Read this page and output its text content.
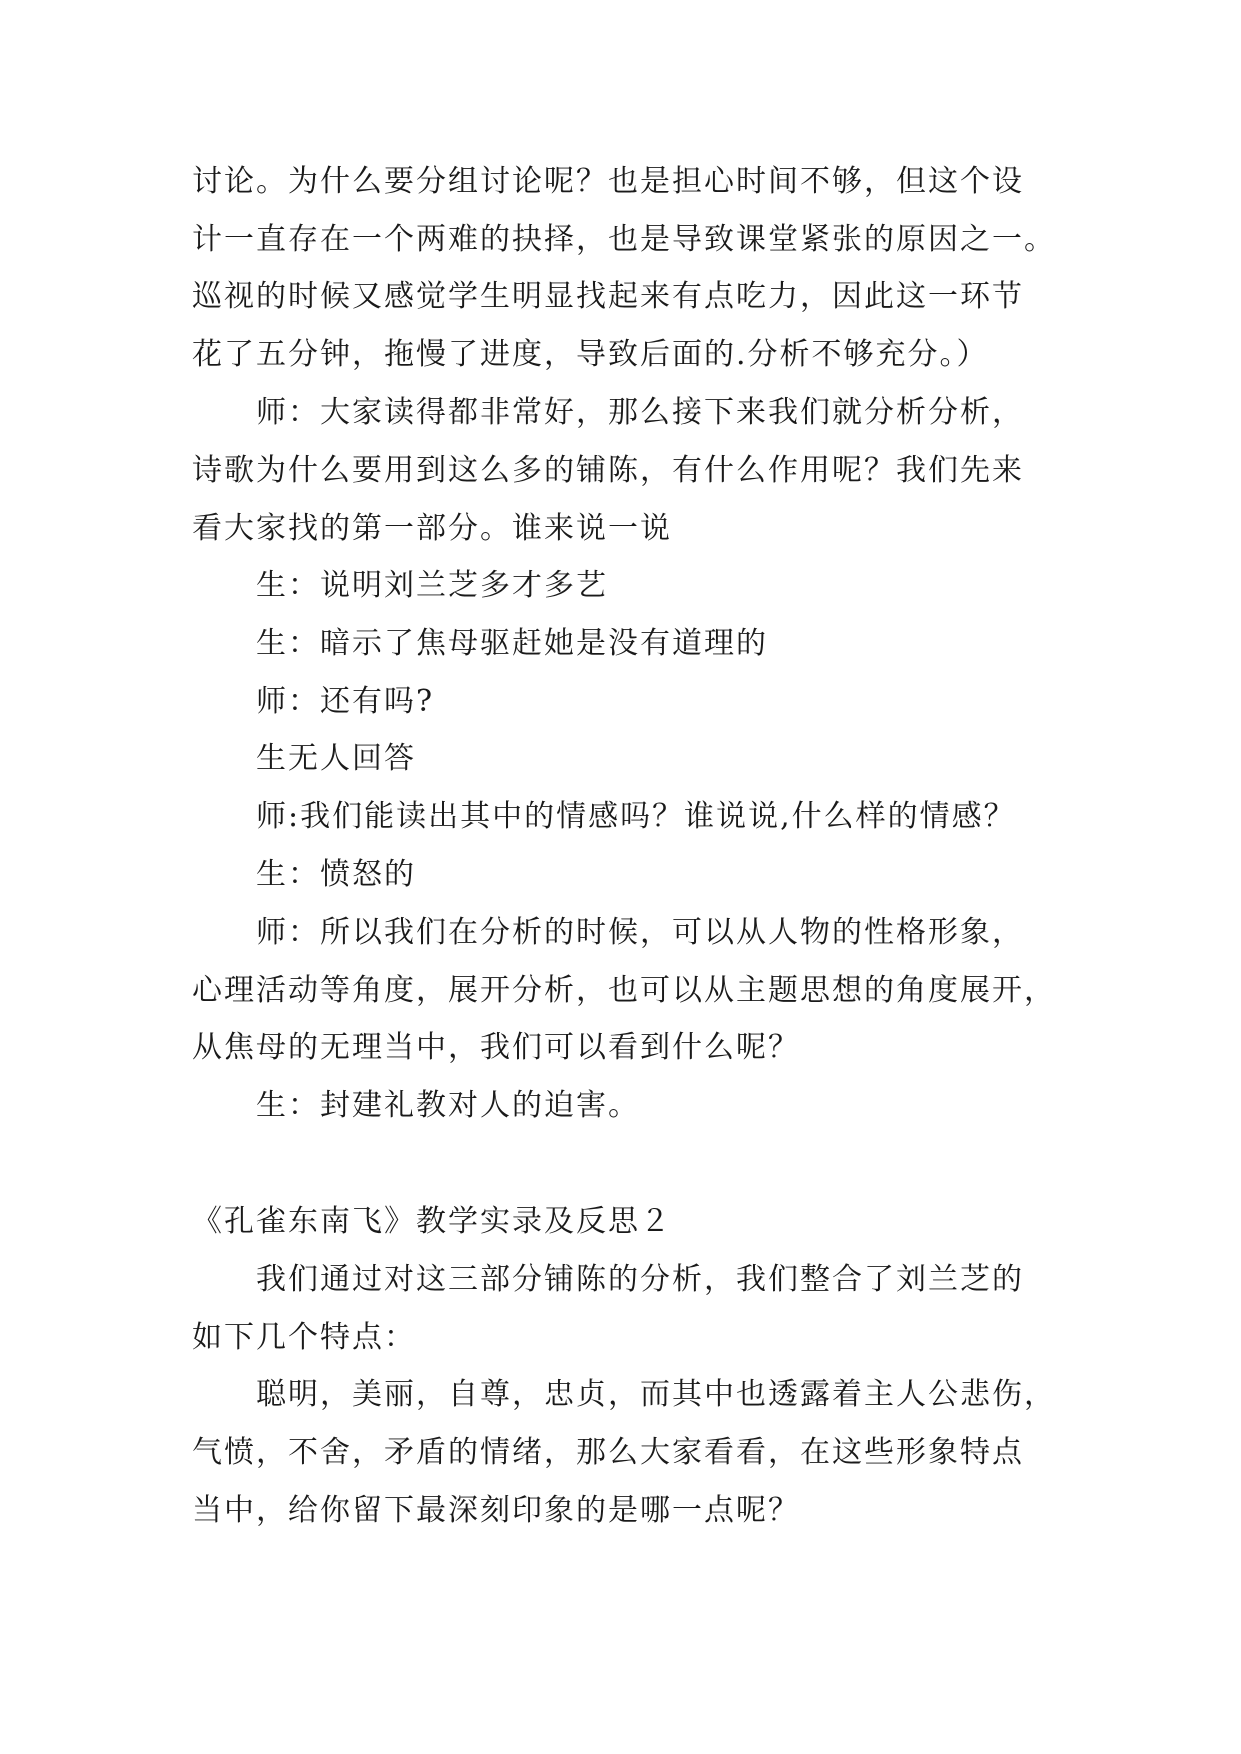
讨论。为什么要分组讨论呢？也是担心时间不够，但这个设
计一直存在一个两难的抉择，也是导致课堂紧张的原因之一。
巡视的时候又感觉学生明显找起来有点吃力，因此这一环节
花了五分钟，拖慢了进度，导致后面的.分析不够充分。）
师：大家读得都非常好，那么接下来我们就分析分析，
诗歌为什么要用到这么多的铺陈，有什么作用呢？我们先来
看大家找的第一部分。谁来说一说
生：说明刘兰芝多才多艺
生：暗示了焦母驱赶她是没有道理的
师：还有吗?
生无人回答
师:我们能读出其中的情感吗？谁说说,什么样的情感？
生：愤怒的
师：所以我们在分析的时候，可以从人物的性格形象，
心理活动等角度，展开分析，也可以从主题思想的角度展开，
从焦母的无理当中，我们可以看到什么呢？
生：封建礼教对人的迫害。
《孔雀东南飞》教学实录及反思２
我们通过对这三部分铺陈的分析，我们整合了刘兰芝的
如下几个特点：
聪明，美丽，自尊，忠贞，而其中也透露着主人公悲伤，
气愤，不舍，矛盾的情绪，那么大家看看，在这些形象特点
当中，给你留下最深刻印象的是哪一点呢？
